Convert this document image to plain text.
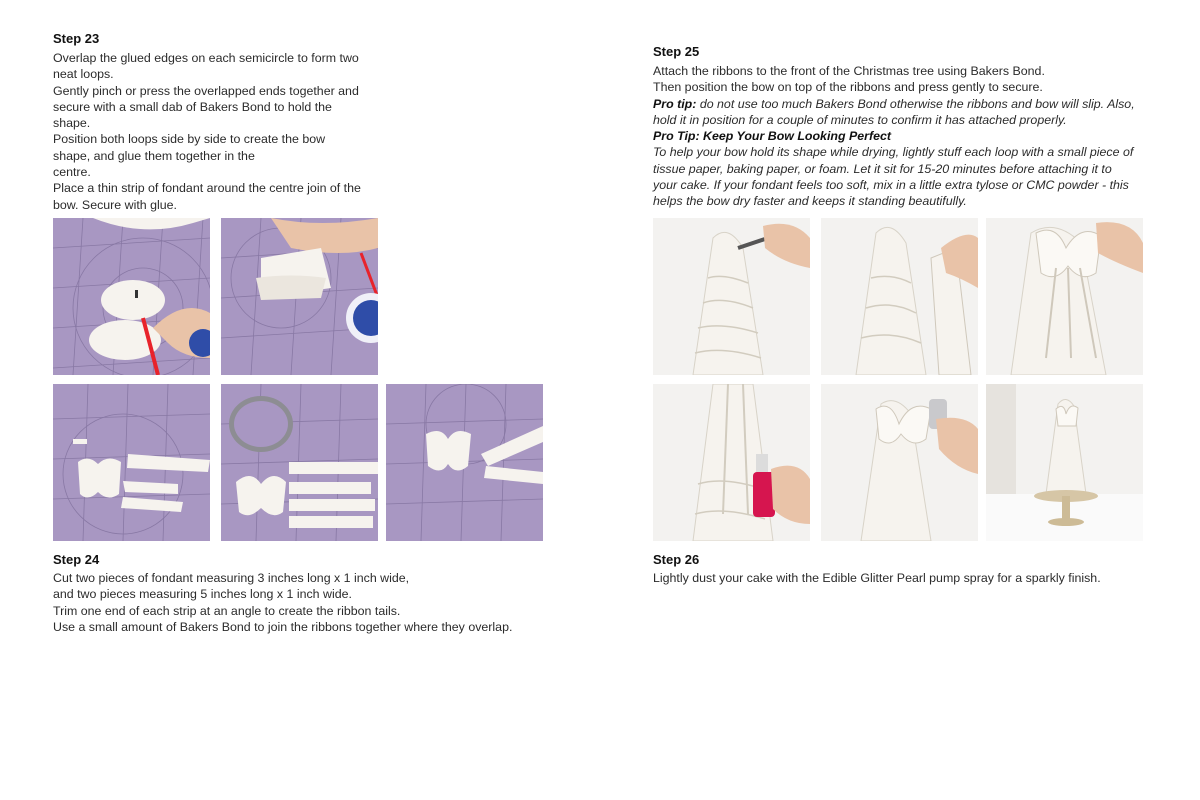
Step 23

Overlap the glued edges on each semicircle to form two

neat loops.

Gently pinch or press the overlapped ends together and

secure with a small dab of Bakers Bond to hold the

shape.

Position both loops side by side to create the bow

shape, and glue them together in the

centre.

Place a thin strip of fondant around the centre join of the

bow. Secure with glue.

Step 24

Cut two pieces of fondant measuring 3 inches long x 1 inch wide,

and two pieces measuring 5 inches long x 1 inch wide.

Trim one end of each strip at an angle to create the ribbon tails.

Use a small amount of Bakers Bond to join the ribbons together where they overlap.

Step 25

Attach the ribbons to the front of the Christmas tree using Bakers Bond.

Then position the bow on top of the ribbons and press gently to secure.

Pro tip: do not use too much Bakers Bond otherwise the ribbons and bow will slip. Also,

hold it in position for a couple of minutes to confirm it has attached properly.

Pro Tip: Keep Your Bow Looking Perfect

To help your bow hold its shape while drying, lightly stuff each loop with a small piece of

tissue paper, baking paper, or foam. Let it sit for 15-20 minutes before attaching it to

your cake. If your fondant feels too soft, mix in a little extra tylose or CMC powder - this

helps the bow dry faster and keeps it standing beautifully.

Step 26

Lightly dust your cake with the Edible Glitter Pearl pump spray for a sparkly finish.
